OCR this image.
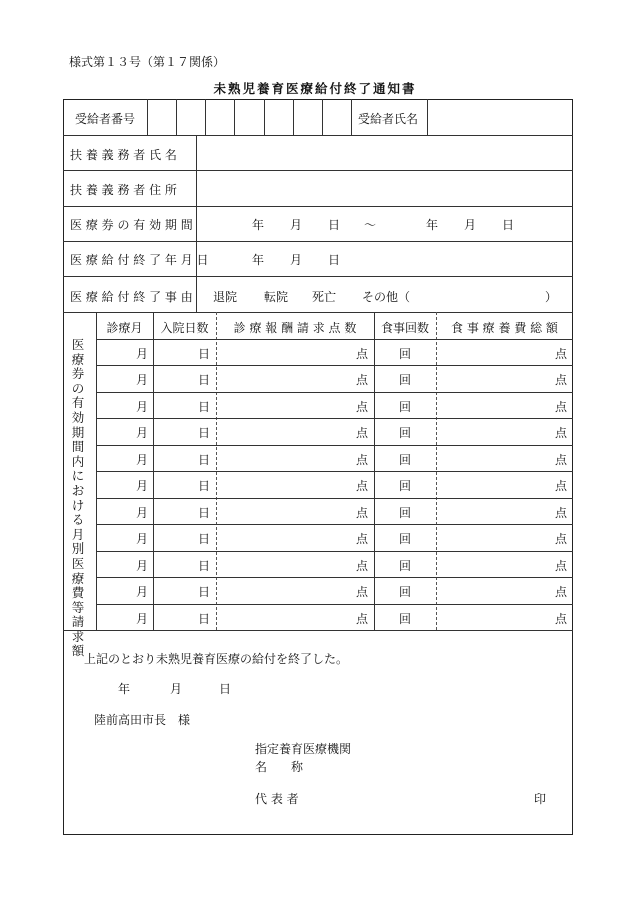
様式第１３号（第１７関係）
未熟児養育医療給付終了通知書
受給者番号	受給者氏名
扶 養 義 務 者 氏 名
扶 養 義 務 者 住 所
医 療 券 の 有 効 期 間	年 月 日 ～	年 月 日
医 療 給 付 終 了 年 月 日	年 月 日
医 療 給 付 終 了 事 由 退院 転院 死亡 その他（	）
医療券の有効期間内における月別医療費等請求額
診療月	入院日数	診 療 報 酬 請 求 点 数	食事回数	食 事 療 養 費 総 額
月	日	点	回	点
月	日	点	回	点
月	日	点	回	点
月	日	点	回	点
月	日	点	回	点
月	日	点	回	点
月	日	点	回	点
月	日	点	回	点
月	日	点	回	点
月	日	点	回	点
月	日	点	回	点
上記のとおり未熟児養育医療の給付を終了した。
年	月	日
陸前高田市長　様
指定養育医療機関
名　　称
代 表 者	印
